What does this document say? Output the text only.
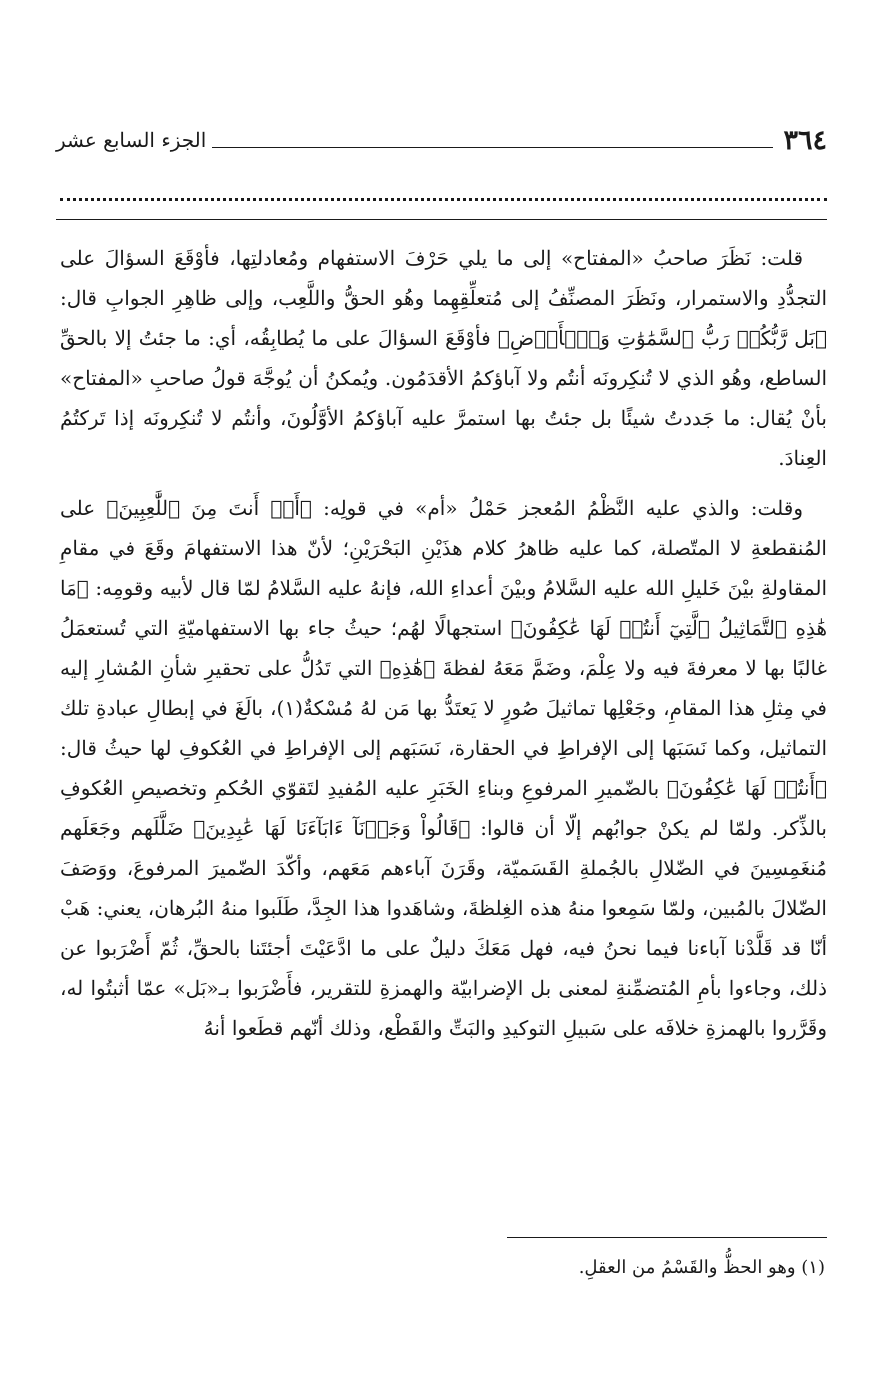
٣٦٤
الجزء السابع عشر

قلت: نَظَرَ صاحبُ «المفتاح» إلى ما يلي حَرْفَ الاستفهام ومُعادلتِها، فأوْقَعَ السؤالَ على التجدُّدِ والاستمرار، ونَظَرَ المصنِّفُ إلى مُتعلِّقِهِما وهُو الحقُّ واللَّعِب، وإلى ظاهِرِ الجوابِ قال: ﴿بَل رَّبُّكُمۡ رَبُّ ٱلسَّمَٰوَٰتِ وَٱلۡأَرۡضِ﴾ فأوْقَعَ السؤالَ على ما يُطابِقُه، أي: ما جئتُ إلا بالحقِّ الساطع، وهُو الذي لا تُنكِرونَه أنتُم ولا آباؤكمُ الأقدَمُون. ويُمكنُ أن يُوجَّهَ قولُ صاحبِ «المفتاح» بأنْ يُقال: ما جَددتُ شيئًا بل جئتُ بها استمرَّ عليه آباؤكمُ الأوَّلُونَ، وأنتُم لا تُنكِرونَه إذا تَركتُمُ العِنادَ.

وقلت: والذي عليه النَّظْمُ المُعجز حَمْلُ «أم» في قولِه: ﴿أَمۡ أَنتَ مِنَ ٱللَّٰعِبِينَ﴾ على المُنقطعةِ لا المتّصلة، كما عليه ظاهرُ كلام هذَيْنِ البَحْرَيْنِ؛ لأنّ هذا الاستفهامَ وقَعَ في مقامِ المقاولةِ بيْنَ خَليلِ الله عليه السَّلامُ وبيْنَ أعداءِ الله، فإنهُ عليه السَّلامُ لمّا قال لأبيه وقومِه: ﴿مَا هَٰذِهِ ٱلتَّمَاثِيلُ ٱلَّتِيٓ أَنتُمۡ لَهَا عَٰكِفُونَ﴾ استجهالًا لهُم؛ حيثُ جاء بها الاستفهاميّةِ التي تُستعمَلُ غالبًا بها لا معرفةَ فيه ولا عِلْمَ، وضَمَّ مَعَهُ لفظةَ ﴿هَٰذِهِ﴾ التي تَدُلُّ على تحقيرِ شأنِ المُشارِ إليه في مِثلِ هذا المقامِ، وجَعْلِها تماثيلَ صُورٍ لا يَعتَدُّ بها مَن لهُ مُسْكةٌ(١)، بالَغَ في إبطالِ عبادةِ تلك التماثيل، وكما نَسَبَها إلى الإفراطِ في الحقارة، نَسَبَهم إلى الإفراطِ في العُكوفِ لها حيثُ قال: ﴿أَنتُمۡ لَهَا عَٰكِفُونَ﴾ بالضّميرِ المرفوعِ وبناءِ الخَبَرِ عليه المُفيدِ لتَقوّي الحُكمِ وتخصيصِ العُكوفِ بالذِّكر. ولمّا لم يكنْ جوابُهم إلّا أن قالوا: ﴿قَالُواْ وَجَدۡنَآ ءَابَآءَنَا لَهَا عَٰبِدِينَ﴾ ضَلَّلَهم وجَعَلَهم مُنغَمِسِينَ في الضّلالِ بالجُملةِ القَسَميّة، وقَرَنَ آباءهم مَعَهم، وأكّدَ الضّميرَ المرفوعَ، ووَصَفَ الضّلالَ بالمُبين، ولمّا سَمِعوا منهُ هذه الغِلظةَ، وشاهَدوا هذا الجِدَّ، طَلَبوا منهُ البُرهان، يعني: هَبْ أنّا قد قَلَّدْنا آباءنا فيما نحنُ فيه، فهل مَعَكَ دليلٌ على ما ادَّعَيْتَ أجئتَنا بالحقِّ، ثُمّ أَضْرَبوا عن ذلك، وجاءوا بأمِ المُتضمِّنةِ لمعنى بل الإضرابيّة والهمزةِ للتقرير، فأَضْرَبوا بـ«بَل» عمّا أثبتُوا له، وقَرَّروا بالهمزةِ خلافَه على سَبيلِ التوكيدِ والبَتِّ والقَطْع، وذلك أنّهم قطَعوا أنهُ

(١) وهو الحظُّ والقَسْمُ من العقلِ.
